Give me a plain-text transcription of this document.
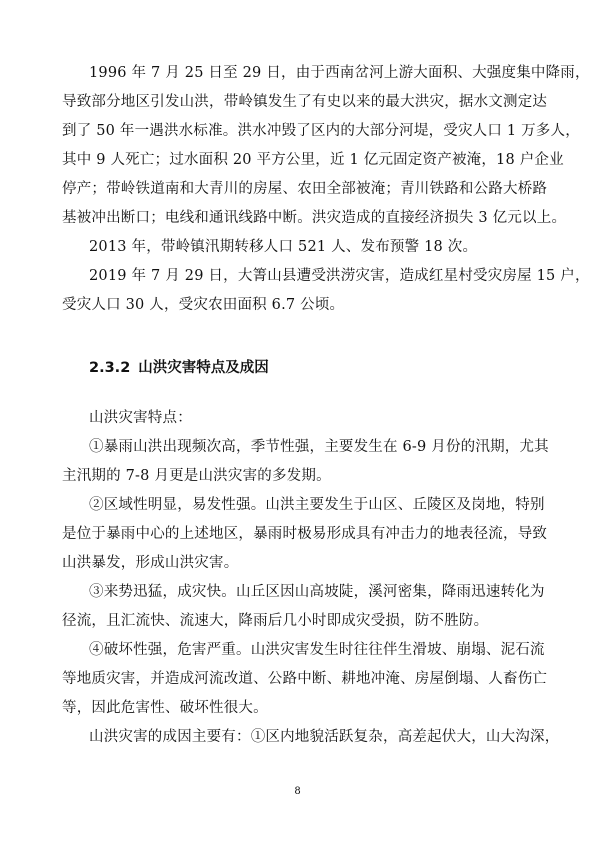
1996 年 7 月 25 日至 29 日，由于西南岔河上游大面积、大强度集中降雨，
导致部分地区引发山洪，带岭镇发生了有史以来的最大洪灾，据水文测定达
到了 50 年一遇洪水标准。洪水冲毁了区内的大部分河堤，受灾人口 1 万多人，
其中 9 人死亡；过水面积 20 平方公里，近 1 亿元固定资产被淹，18 户企业
停产；带岭铁道南和大青川的房屋、农田全部被淹；青川铁路和公路大桥路
基被冲出断口；电线和通讯线路中断。洪灾造成的直接经济损失 3 亿元以上。
2013 年，带岭镇汛期转移人口 521 人、发布预警 18 次。
2019 年 7 月 29 日，大箐山县遭受洪涝灾害，造成红星村受灾房屋 15 户，
受灾人口 30 人，受灾农田面积 6.7 公顷。
2.3.2 山洪灾害特点及成因
山洪灾害特点：
①暴雨山洪出现频次高，季节性强，主要发生在 6-9 月份的汛期，尤其
主汛期的 7-8 月更是山洪灾害的多发期。
②区域性明显，易发性强。山洪主要发生于山区、丘陵区及岗地，特别
是位于暴雨中心的上述地区，暴雨时极易形成具有冲击力的地表径流，导致
山洪暴发，形成山洪灾害。
③来势迅猛，成灾快。山丘区因山高坡陡，溪河密集，降雨迅速转化为
径流，且汇流快、流速大，降雨后几小时即成灾受损，防不胜防。
④破坏性强，危害严重。山洪灾害发生时往往伴生滑坡、崩塌、泥石流
等地质灾害，并造成河流改道、公路中断、耕地冲淹、房屋倒塌、人畜伤亡
等，因此危害性、破坏性很大。
山洪灾害的成因主要有：①区内地貌活跃复杂，高差起伏大，山大沟深，
8
